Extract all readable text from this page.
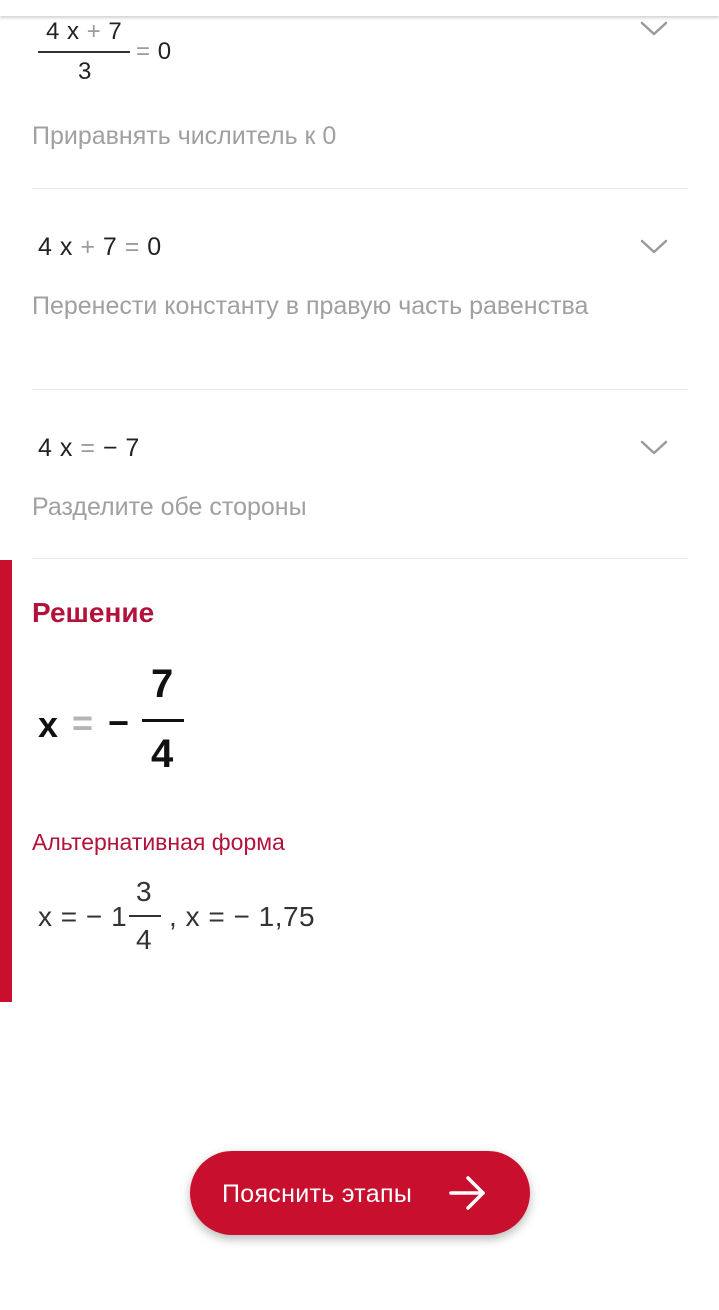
4 x + 7
3
= 0
Приравнять числитель к 0
4 x + 7 = 0
Перенести константу в правую часть равенства
4 x = − 7
Разделите обе стороны
Решение
x = −
7
4
Альтернативная форма
x = − 1
3
4
, x = − 1,75
Пояснить этапы
